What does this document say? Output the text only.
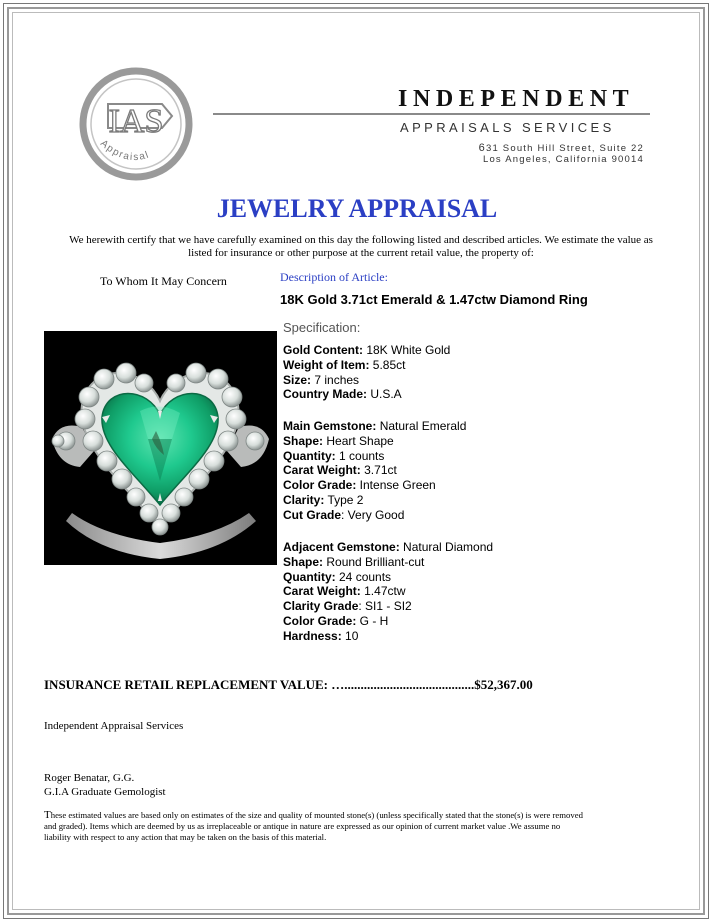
IAS
Appraisal
INDEPENDENT
APPRAISALS SERVICES
631 South Hill Street, Suite 22
Los Angeles, California 90014
JEWELRY APPRAISAL
We herewith certify that we have carefully examined on this day the following listed and described articles. We estimate the value as listed for insurance or other purpose at the current retail value, the property of:
To Whom It May Concern	Description of Article:
18K Gold 3.71ct Emerald & 1.47ctw Diamond Ring
Specification:
Gold Content: 18K White Gold
Weight of Item: 5.85ct
Size: 7 inches
Country Made: U.S.A
Main Gemstone: Natural Emerald
Shape: Heart Shape
Quantity: 1 counts
Carat Weight: 3.71ct
Color Grade: Intense Green
Clarity: Type 2
Cut Grade: Very Good
Adjacent Gemstone: Natural Diamond
Shape: Round Brilliant-cut
Quantity: 24 counts
Carat Weight: 1.47ctw
Clarity Grade: SI1 - SI2
Color Grade: G - H
Hardness: 10
INSURANCE RETAIL REPLACEMENT VALUE: …........................................$52,367.00
Independent Appraisal Services
Roger Benatar, G.G.
G.I.A Graduate Gemologist
These estimated values are based only on estimates of the size and quality of mounted stone(s) (unless specifically stated that the stone(s) is were removed and graded). Items which are deemed by us as irreplaceable or antique in nature are expressed as our opinion of current market value .We assume no liability with respect to any action that may be taken on the basis of this material.
